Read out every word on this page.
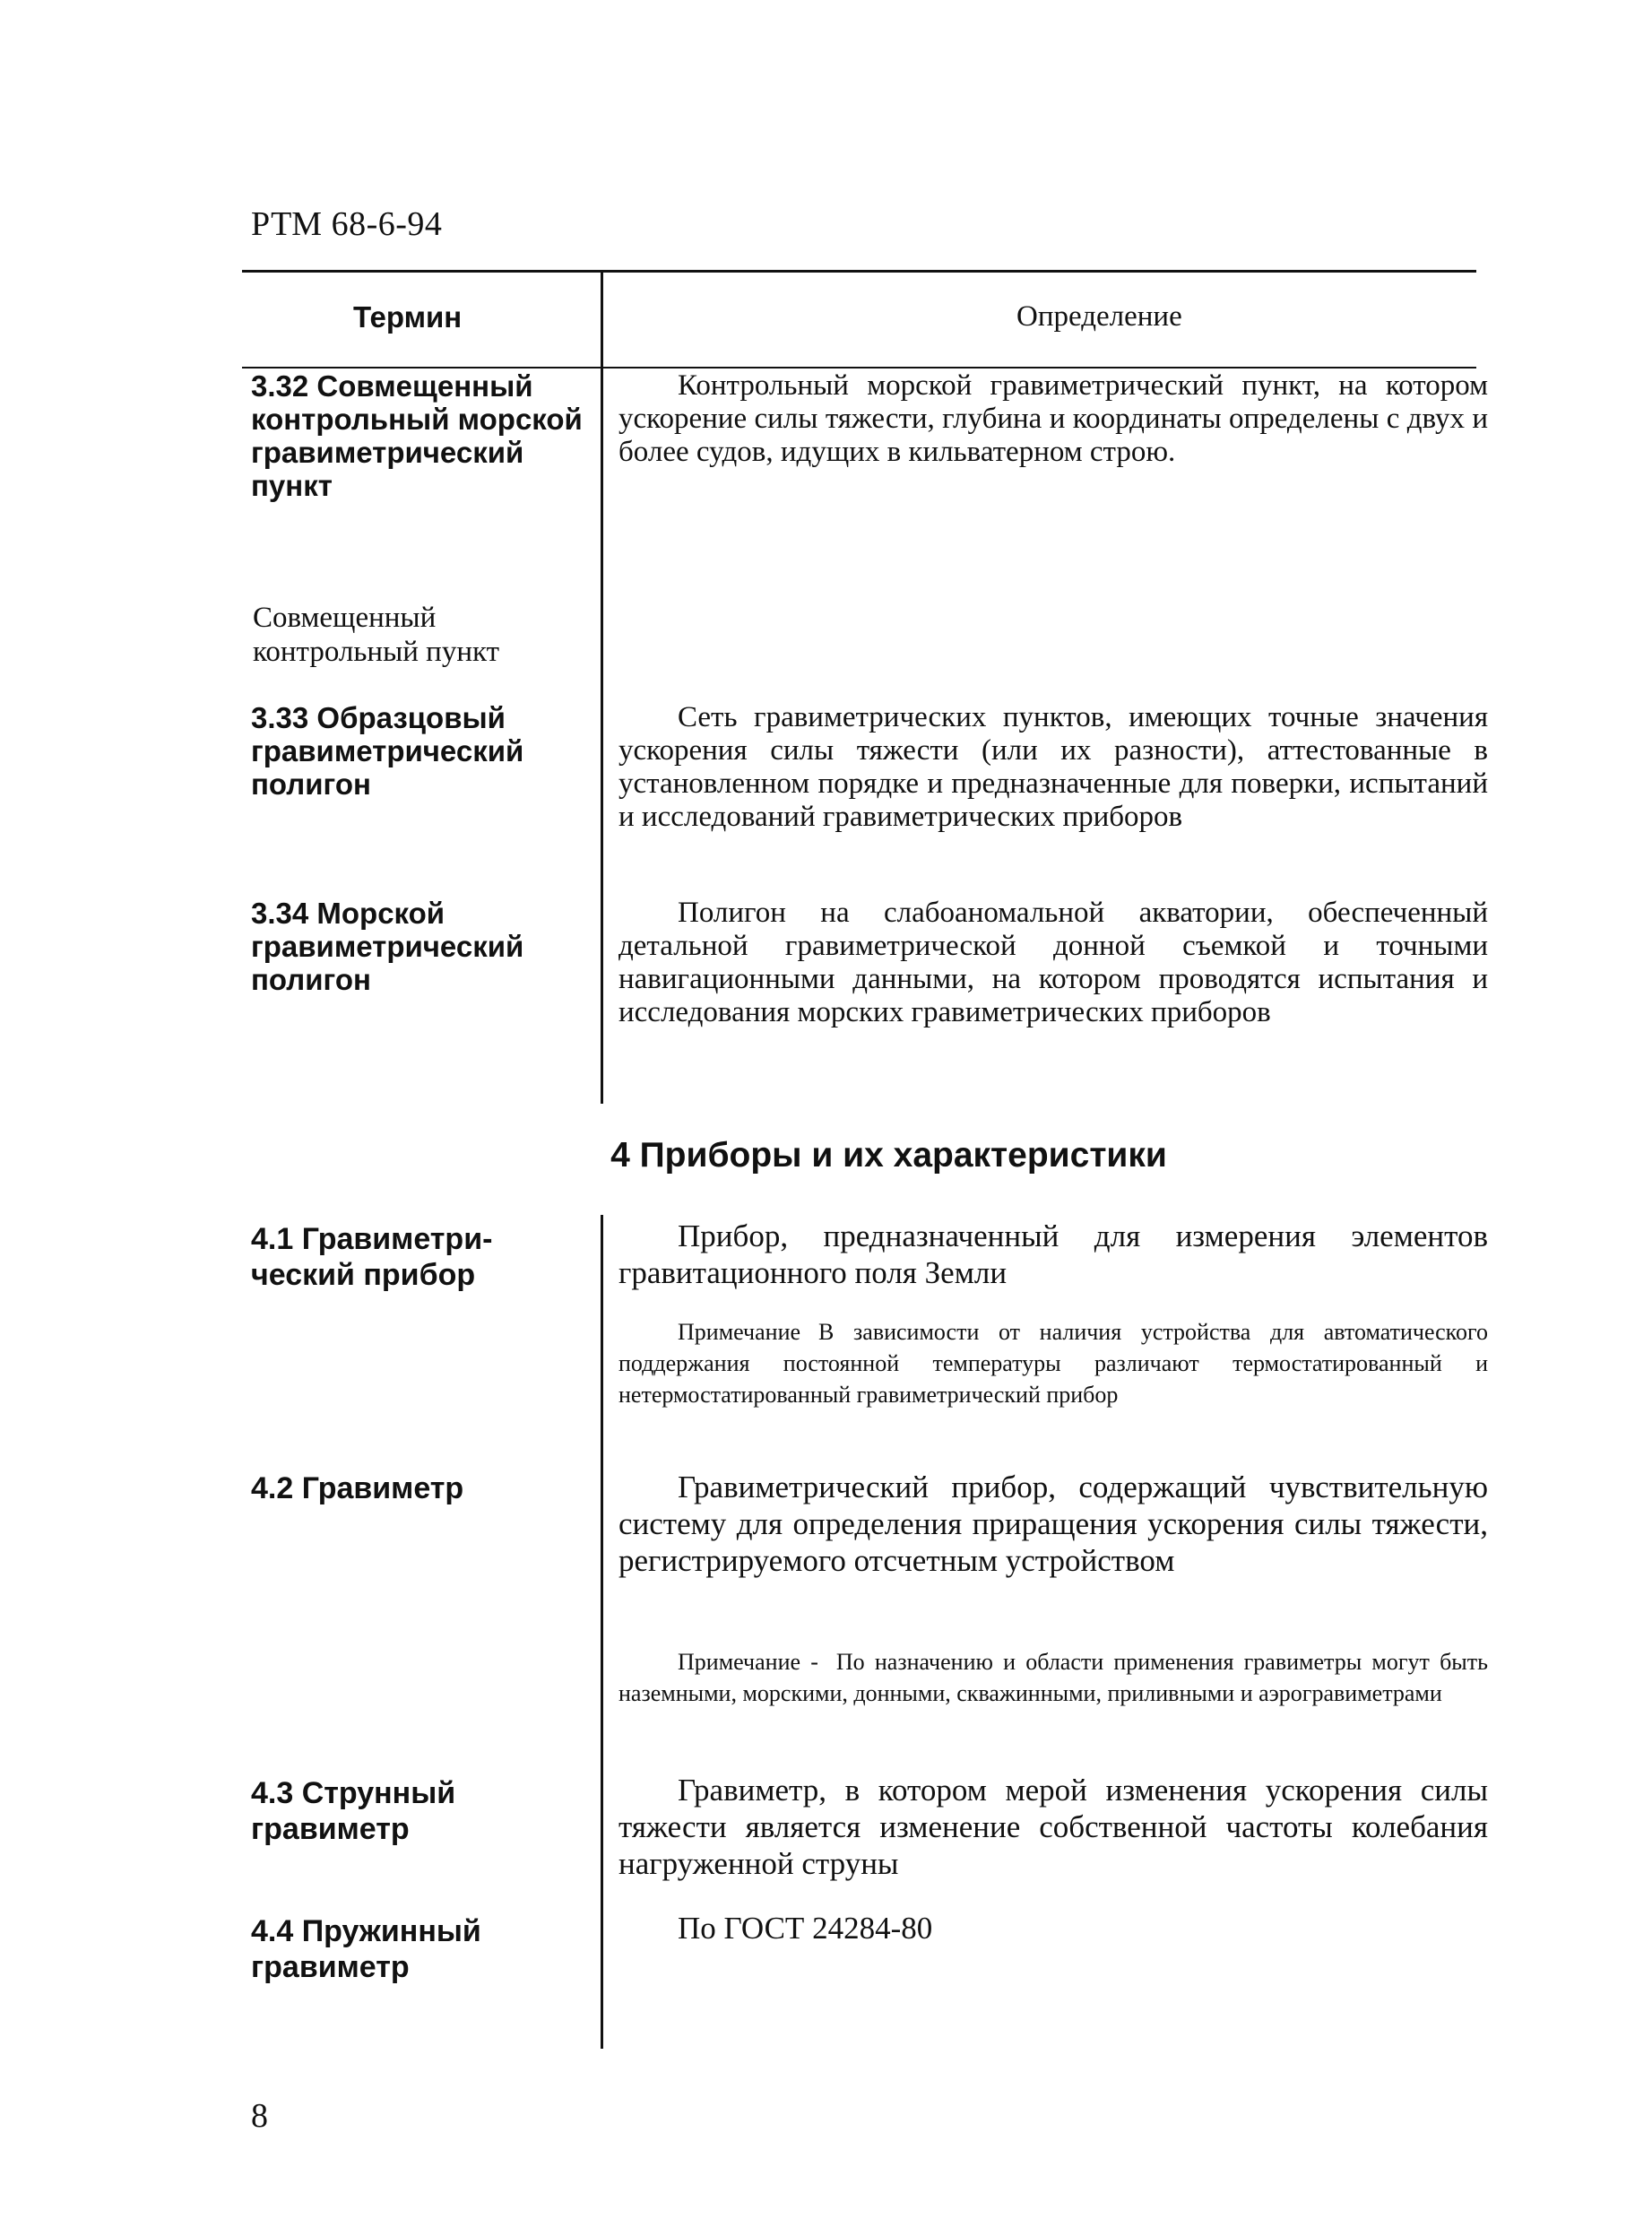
РТМ 68-6-94
Термин	Определение
3.32 Совмещенный контрольный морской гравиметрический пункт
Совмещенный контрольный пункт
Контрольный морской гравиметрический пункт, на котором ускорение силы тяжести, глубина и координаты определены с двух и более судов, идущих в кильватерном строю.
3.33 Образцовый гравиметрический полигон
Сеть гравиметрических пунктов, имеющих точные значения ускорения силы тяжести (или их разности), аттестованные в установленном порядке и предназначенные для поверки, испытаний и исследований гравиметрических приборов
3.34 Морской гравиметрический полигон
Полигон на слабоаномальной акватории, обеспеченный детальной гравиметрической донной съемкой и точными навигационными данными, на котором проводятся испытания и исследования морских гравиметрических приборов
4 Приборы и их характеристики
4.1 Гравиметри-ческий прибор
Прибор, предназначенный для измерения элементов гравитационного поля Земли
Примечание В зависимости от наличия устройства для автоматического поддержания постоянной температуры различают термостатированный и нетермостатированный гравиметрический прибор
4.2 Гравиметр	Гравиметрический прибор, содержащий чувствительную систему для определения приращения ускорения силы тяжести, регистрируемого отсчетным устройством
Примечание - По назначению и области применения гравиметры могут быть наземными, морскими, донными, скважинными, приливными и аэрогравиметрами
4.3 Струнный гравиметр
Гравиметр, в котором мерой изменения ускорения силы тяжести является изменение собственной частоты колебания нагруженной струны
4.4 Пружинный гравиметр
По ГОСТ 24284-80
8
